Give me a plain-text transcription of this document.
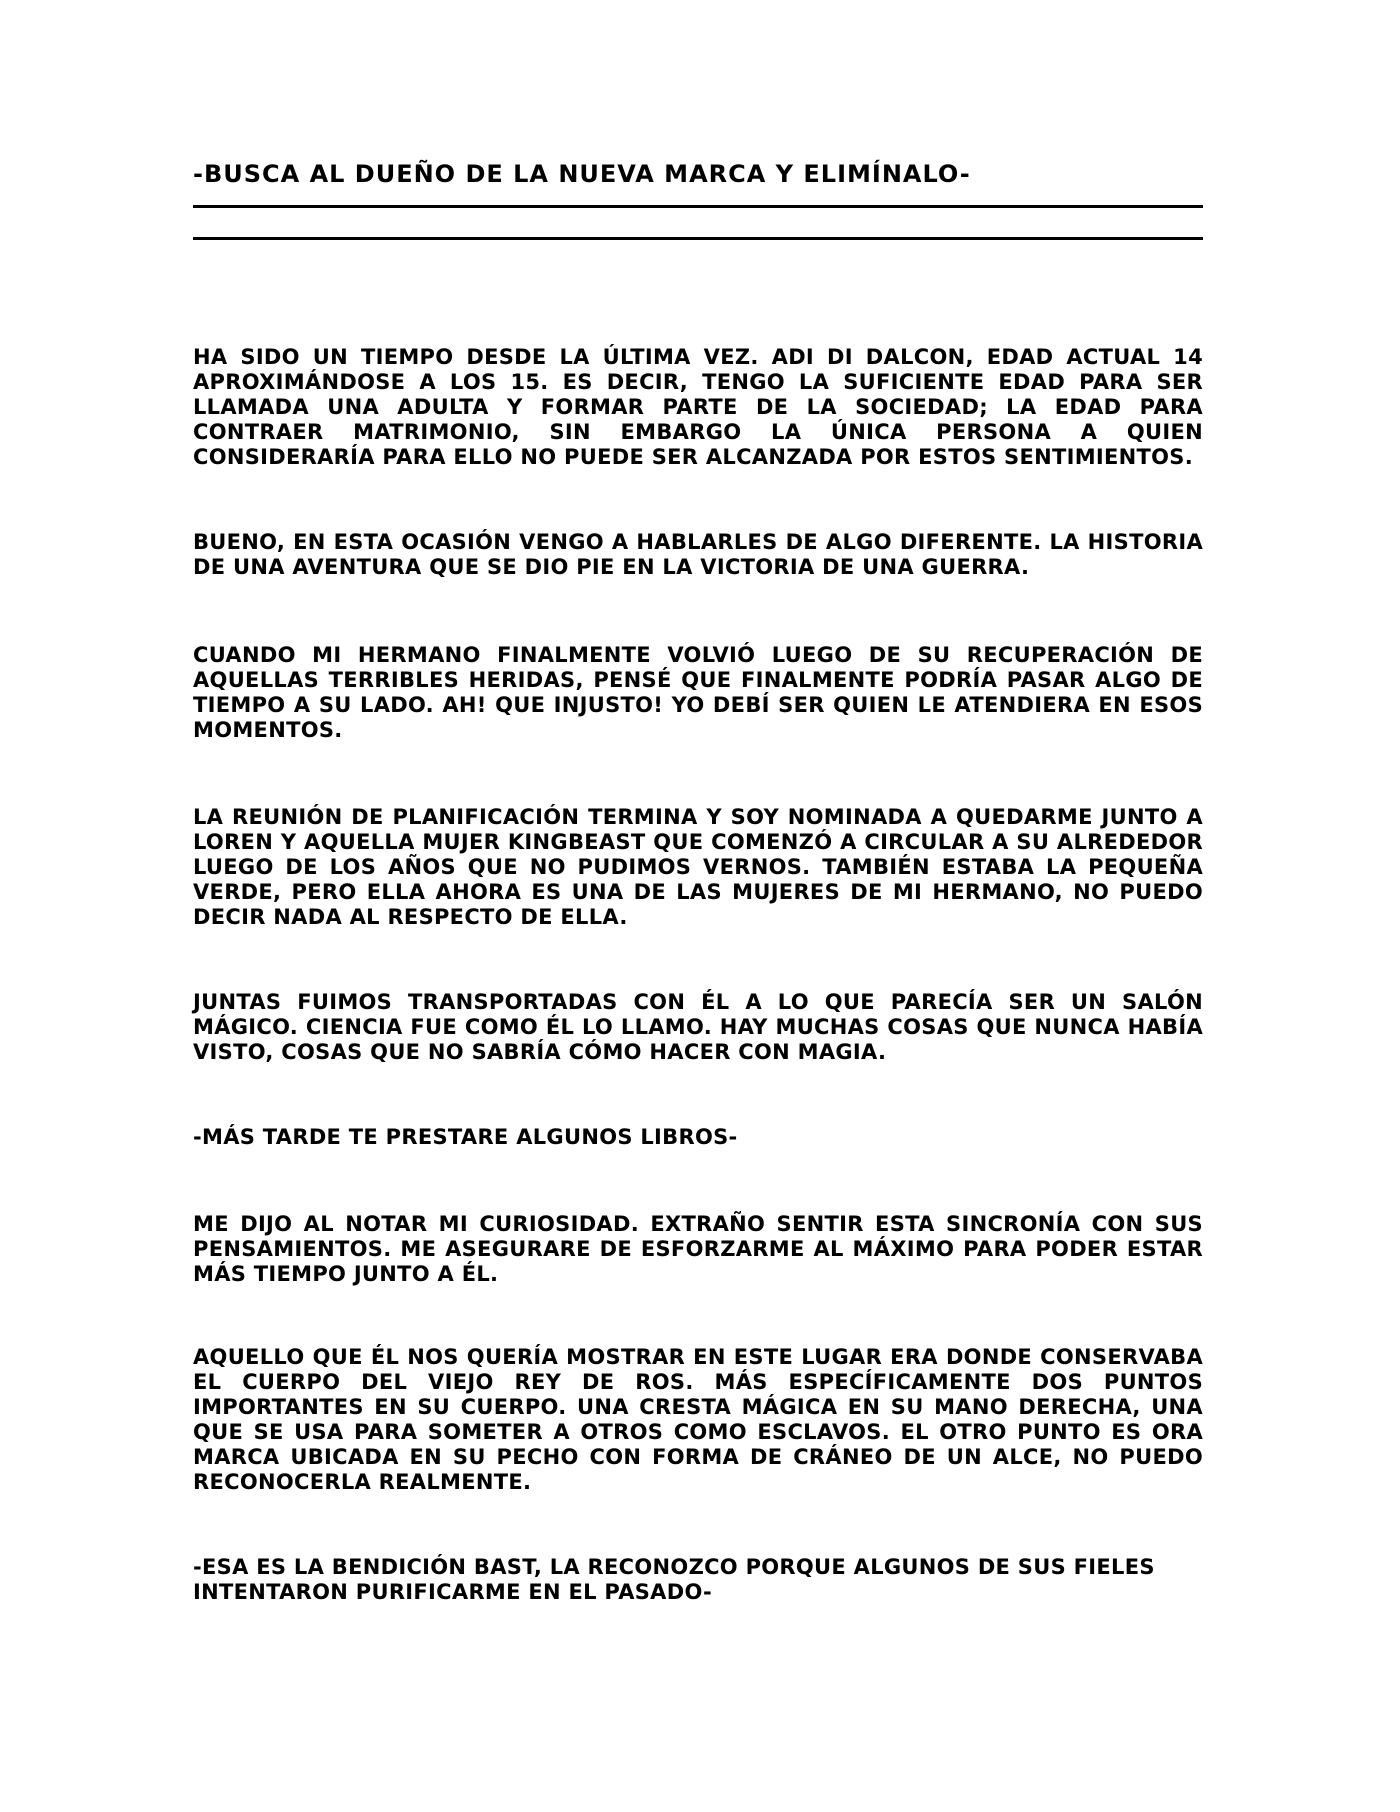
-BUSCA AL DUEÑO DE LA NUEVA MARCA Y ELIMÍNALO-

HA SIDO UN TIEMPO DESDE LA ÚLTIMA VEZ. ADI DI DALCON, EDAD ACTUAL 14 APROXIMÁNDOSE A LOS 15. ES DECIR, TENGO LA SUFICIENTE EDAD PARA SER LLAMADA UNA ADULTA Y FORMAR PARTE DE LA SOCIEDAD; LA EDAD PARA CONTRAER MATRIMONIO, SIN EMBARGO LA ÚNICA PERSONA A QUIEN CONSIDERARÍA PARA ELLO NO PUEDE SER ALCANZADA POR ESTOS SENTIMIENTOS.

BUENO, EN ESTA OCASIÓN VENGO A HABLARLES DE ALGO DIFERENTE. LA HISTORIA DE UNA AVENTURA QUE SE DIO PIE EN LA VICTORIA DE UNA GUERRA.

CUANDO MI HERMANO FINALMENTE VOLVIÓ LUEGO DE SU RECUPERACIÓN DE AQUELLAS TERRIBLES HERIDAS, PENSÉ QUE FINALMENTE PODRÍA PASAR ALGO DE TIEMPO A SU LADO. AH! QUE INJUSTO! YO DEBÍ SER QUIEN LE ATENDIERA EN ESOS MOMENTOS.

LA REUNIÓN DE PLANIFICACIÓN TERMINA Y SOY NOMINADA A QUEDARME JUNTO A LOREN Y AQUELLA MUJER KINGBEAST QUE COMENZÓ A CIRCULAR A SU ALREDEDOR LUEGO DE LOS AÑOS QUE NO PUDIMOS VERNOS. TAMBIÉN ESTABA LA PEQUEÑA VERDE, PERO ELLA AHORA ES UNA DE LAS MUJERES DE MI HERMANO, NO PUEDO DECIR NADA AL RESPECTO DE ELLA.

JUNTAS FUIMOS TRANSPORTADAS CON ÉL A LO QUE PARECÍA SER UN SALÓN MÁGICO. CIENCIA FUE COMO ÉL LO LLAMO. HAY MUCHAS COSAS QUE NUNCA HABÍA VISTO, COSAS QUE NO SABRÍA CÓMO HACER CON MAGIA.

-MÁS TARDE TE PRESTARE ALGUNOS LIBROS-

ME DIJO AL NOTAR MI CURIOSIDAD. EXTRAÑO SENTIR ESTA SINCRONÍA CON SUS PENSAMIENTOS. ME ASEGURARE DE ESFORZARME AL MÁXIMO PARA PODER ESTAR MÁS TIEMPO JUNTO A ÉL.

AQUELLO QUE ÉL NOS QUERÍA MOSTRAR EN ESTE LUGAR ERA DONDE CONSERVABA EL CUERPO DEL VIEJO REY DE ROS. MÁS ESPECÍFICAMENTE DOS PUNTOS IMPORTANTES EN SU CUERPO. UNA CRESTA MÁGICA EN SU MANO DERECHA, UNA QUE SE USA PARA SOMETER A OTROS COMO ESCLAVOS. EL OTRO PUNTO ES ORA MARCA UBICADA EN SU PECHO CON FORMA DE CRÁNEO DE UN ALCE, NO PUEDO RECONOCERLA REALMENTE.

-ESA ES LA BENDICIÓN BAST, LA RECONOZCO PORQUE ALGUNOS DE SUS FIELES INTENTARON PURIFICARME EN EL PASADO-
